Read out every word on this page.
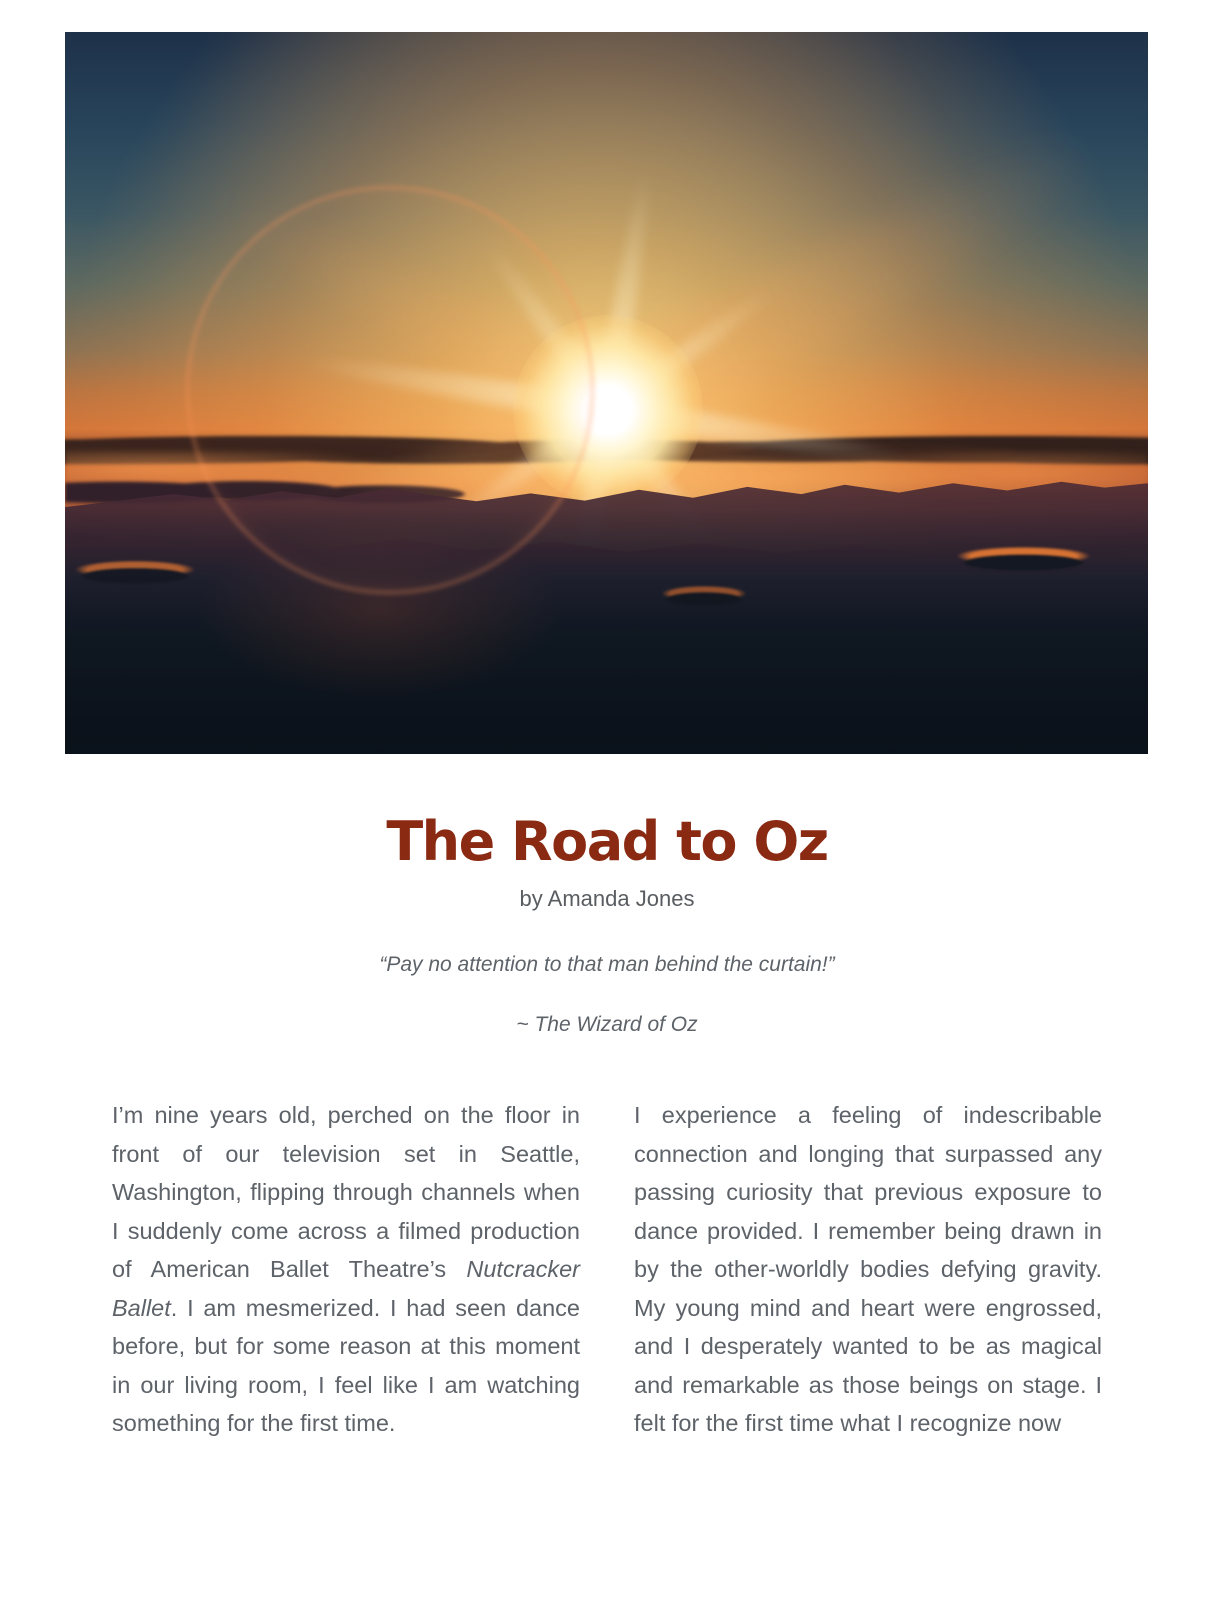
The Road to Oz
by Amanda Jones

“Pay no attention to that man behind the curtain!”

~ The Wizard of Oz

I’m nine years old, perched on the floor in front of our television set in Seattle, Washington, flipping through channels when I suddenly come across a filmed production of American Ballet Theatre’s Nutcracker Ballet. I am mesmerized. I had seen dance before, but for some reason at this moment in our living room, I feel like I am watching something for the first time.

I experience a feeling of indescribable connection and longing that surpassed any passing curiosity that previous exposure to dance provided. I remember being drawn in by the other-worldly bodies defying gravity. My young mind and heart were engrossed, and I desperately wanted to be as magical and remarkable as those beings on stage. I felt for the first time what I recognize now
